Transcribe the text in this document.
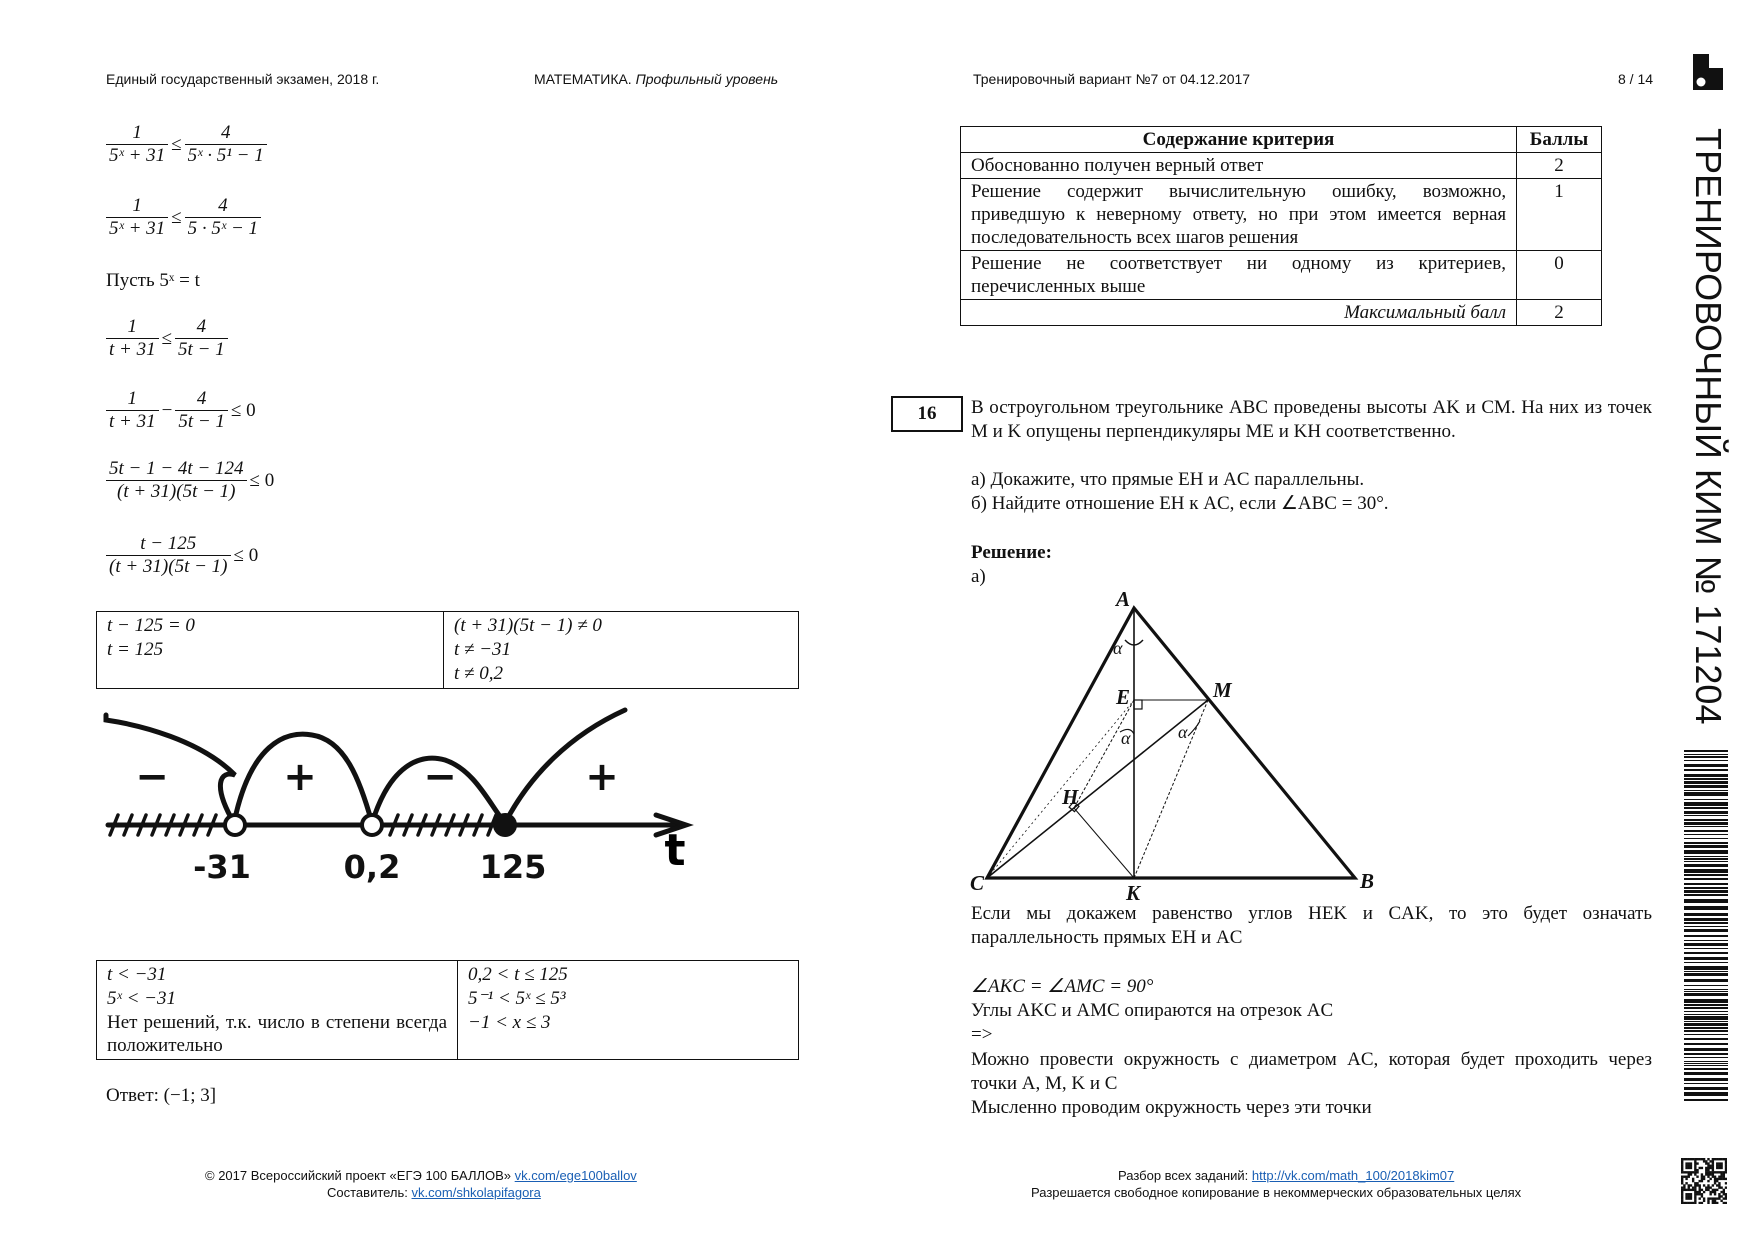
Единый государственный экзамен, 2018 г.	МАТЕМАТИКА. Профильный уровень	Тренировочный вариант №7 от 04.12.2017	8 / 14
ТРЕНИРОВОЧНЫЙ КИМ № 171204
$\frac{1}{\text{5ˣ + 31}} \le \frac{4}{\text{5ˣ · 5¹ − 1}}$
$\frac{1}{\text{5ˣ + 31}} \le \frac{4}{\text{5 · 5ˣ − 1}}$
Пусть 5ˣ = t
$\frac{1}{t + 31} \le \frac{4}{5t - 1}$
$\frac{1}{t + 31} - \frac{4}{5t - 1} \le 0$
$\frac{5t - 1 - 4t - 124}{(t + 31)(5t - 1)} \le 0$
$\frac{t - 125}{(t + 31)(5t - 1)} \le 0$
t − 125 = 0
t = 125

(t + 31)(5t − 1) ≠ 0
t ≠ −31
t ≠ 0,2
−	+	−	+
-31	0,2 125	t
t < −31
5ˣ < −31
Нет решений, т.к. число в степени всегда положительно

0,2 < t ≤ 125
5⁻¹ < 5ˣ ≤ 5³
−1 < x ≤ 3
Ответ: (−1; 3]
Содержание критерия	Баллы
Обоснованно получен верный ответ	2
Решение содержит вычислительную ошибку, возможно, приведшую к неверному ответу, но при этом имеется верная последовательность всех шагов решения	1
Решение не соответствует ни одному из критериев, перечисленных выше	0
Максимальный балл	2
16	В остроугольном треугольнике ABC проведены высоты AK и CM. На них из точек M и K опущены перпендикуляры ME и KH соответственно.
а) Докажите, что прямые EH и AC параллельны.
б) Найдите отношение EH к AC, если ∠ABC = 30°.
Решение:
а)
A
B
C	K
M
E
H
α
α	α
Если мы докажем равенство углов HEK и CAK, то это будет означать параллельность прямых EH и AC
∠AKC = ∠AMC = 90°
Углы AKC и AMC опираются на отрезок AC
=>
Можно провести окружность с диаметром AC, которая будет проходить через точки A, M, K и C
Мысленно проводим окружность через эти точки
© 2017 Всероссийский проект «ЕГЭ 100 БАЛЛОВ» vk.com/ege100ballov
Составитель: vk.com/shkolapifagora
Разбор всех заданий: http://vk.com/math_100/2018kim07
Разрешается свободное копирование в некоммерческих образовательных целях
